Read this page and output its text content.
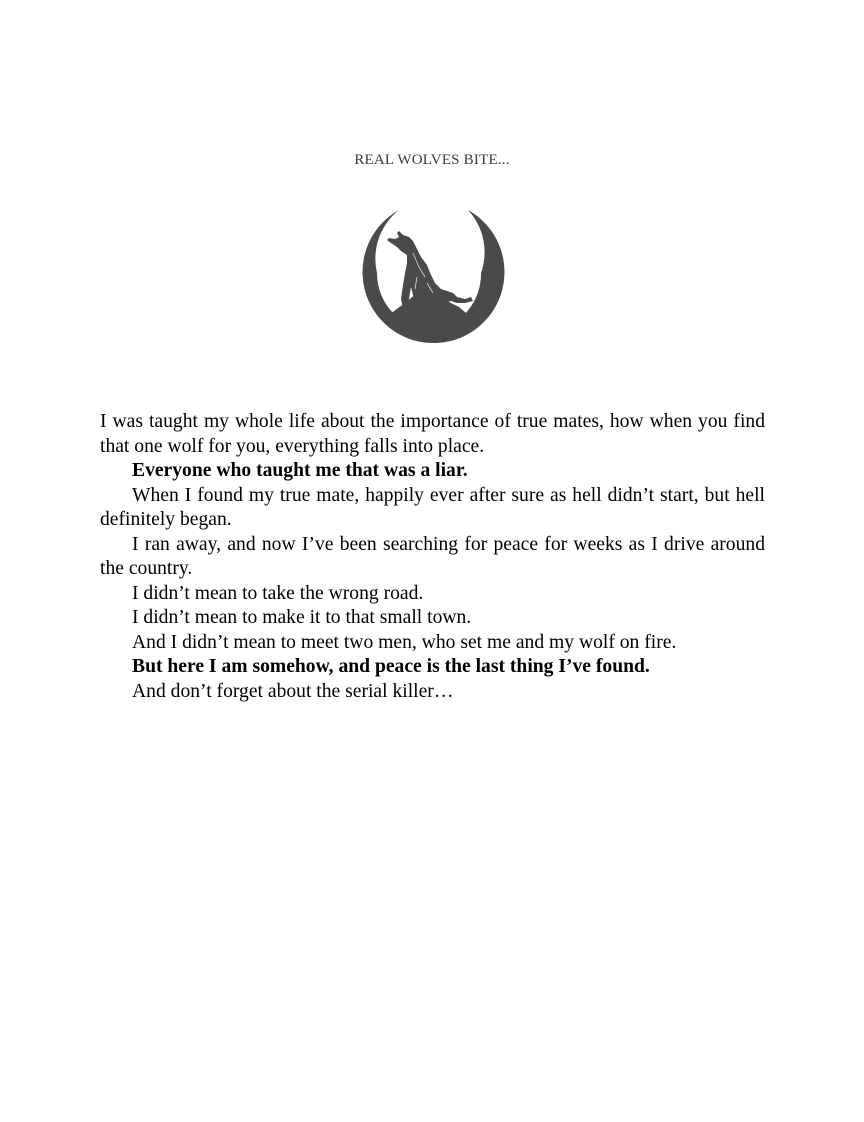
REAL WOLVES BITE...

I was taught my whole life about the importance of true mates, how when you find that one wolf for you, everything falls into place.

Everyone who taught me that was a liar.

When I found my true mate, happily ever after sure as hell didn’t start, but hell definitely began.

I ran away, and now I’ve been searching for peace for weeks as I drive around the country.

I didn’t mean to take the wrong road.

I didn’t mean to make it to that small town.

And I didn’t mean to meet two men, who set me and my wolf on fire.

But here I am somehow, and peace is the last thing I’ve found.

And don’t forget about the serial killer…
